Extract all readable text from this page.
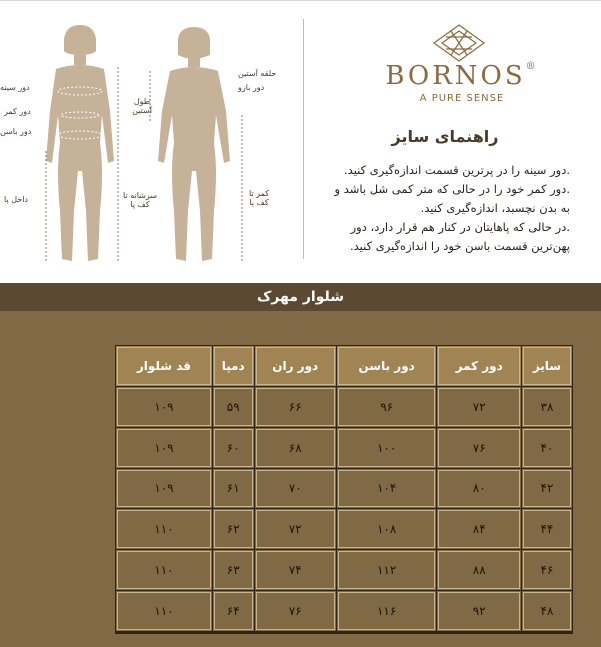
دور سینه
دور کمر
دور باسن
داخل پا	سرشانه تا کف پا
حلقه آستین
دور بازو
طول آستین
کمر تا کف پا
BORNOS®
A PURE SENSE
راهنمای سایز

.دور سینه را در پرترین قسمت اندازه‌گیری کنید.

.دور کمر خود را در حالی که متر کمی شل باشد و به بدن نچسبد، اندازه‌گیری کنید.

.در حالی که پاهایتان در کنار هم قرار دارد، دور پهن‌ترین قسمت باسن خود را اندازه‌گیری کنید.

شلوار مهرک
قد شلوار	دمپا	دور ران	دور باسن	دور کمر	سایز
۱۰۹	۵۹	۶۶	۹۶	۷۲	۳۸
۱۰۹	۶۰	۶۸	۱۰۰	۷۶	۴۰
۱۰۹	۶۱	۷۰	۱۰۴	۸۰	۴۲
۱۱۰	۶۲	۷۲	۱۰۸	۸۴	۴۴
۱۱۰	۶۳	۷۴	۱۱۲	۸۸	۴۶
۱۱۰	۶۴	۷۶	۱۱۶	۹۲	۴۸
